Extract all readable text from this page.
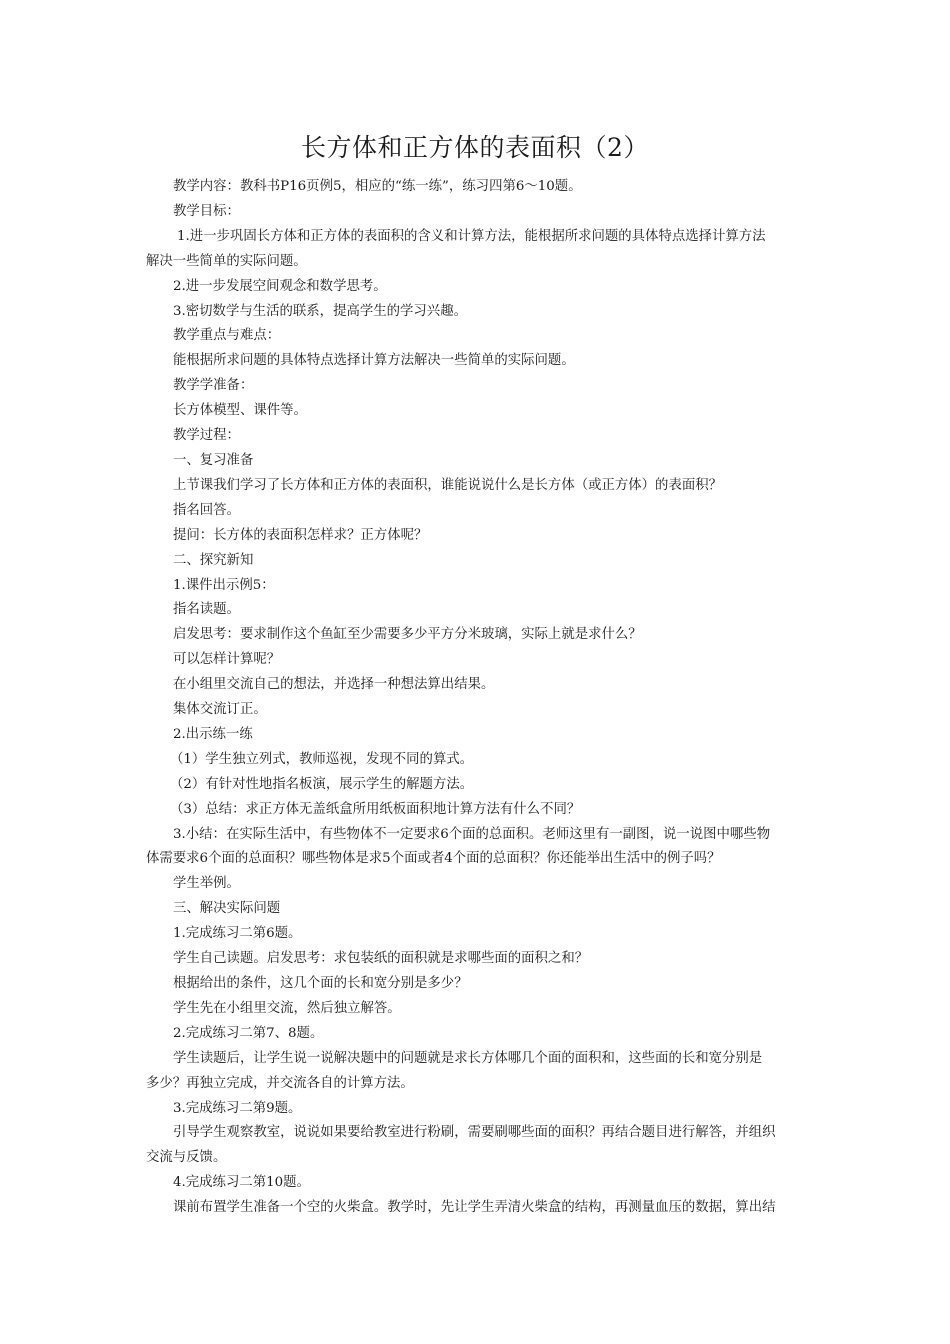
长方体和正方体的表面积（2）
教学内容：教科书P16页例5，相应的“练一练”，练习四第6～10题。
教学目标：
1.进一步巩固长方体和正方体的表面积的含义和计算方法，能根据所求问题的具体特点选择计算方法
解决一些简单的实际问题。
2.进一步发展空间观念和数学思考。
3.密切数学与生活的联系，提高学生的学习兴趣。
教学重点与难点：
能根据所求问题的具体特点选择计算方法解决一些简单的实际问题。
教学学准备：
长方体模型、课件等。
教学过程：
一、复习准备
上节课我们学习了长方体和正方体的表面积，谁能说说什么是长方体（或正方体）的表面积？
指名回答。
提问：长方体的表面积怎样求？正方体呢？
二、探究新知
1.课件出示例5：
指名读题。
启发思考：要求制作这个鱼缸至少需要多少平方分米玻璃，实际上就是求什么？
可以怎样计算呢？
在小组里交流自己的想法，并选择一种想法算出结果。
集体交流订正。
2.出示练一练
（1）学生独立列式，教师巡视，发现不同的算式。
（2）有针对性地指名板演，展示学生的解题方法。
（3）总结：求正方体无盖纸盒所用纸板面积地计算方法有什么不同？
3.小结：在实际生活中，有些物体不一定要求6个面的总面积。老师这里有一副图，说一说图中哪些物
体需要求6个面的总面积？哪些物体是求5个面或者4个面的总面积？你还能举出生活中的例子吗？
学生举例。
三、解决实际问题
1.完成练习二第6题。
学生自己读题。启发思考：求包装纸的面积就是求哪些面的面积之和？
根据给出的条件，这几个面的长和宽分别是多少？
学生先在小组里交流，然后独立解答。
2.完成练习二第7、8题。
学生读题后，让学生说一说解决题中的问题就是求长方体哪几个面的面积和，这些面的长和宽分别是
多少？再独立完成，并交流各自的计算方法。
3.完成练习二第9题。
引导学生观察教室，说说如果要给教室进行粉刷，需要刷哪些面的面积？再结合题目进行解答，并组织
交流与反馈。
4.完成练习二第10题。
课前布置学生准备一个空的火柴盒。教学时，先让学生弄清火柴盒的结构，再测量血压的数据，算出结
